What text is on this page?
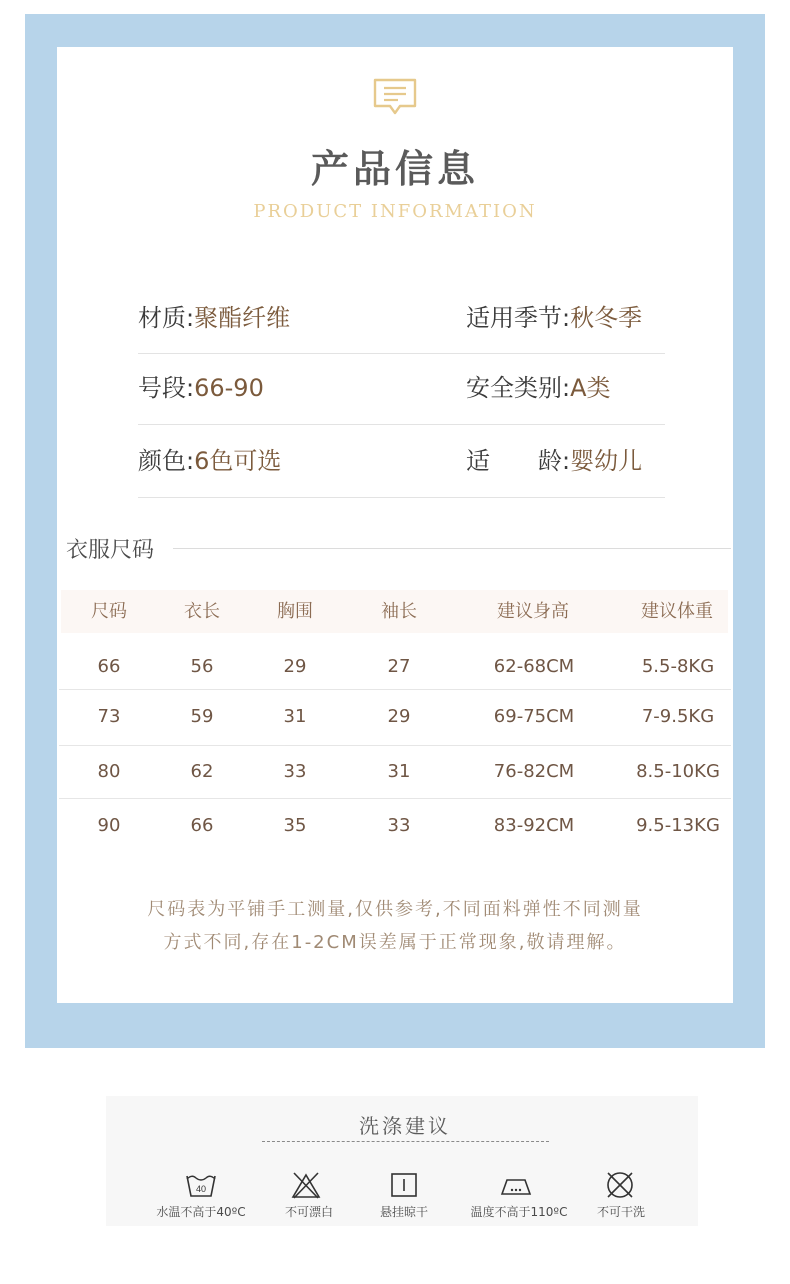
产品信息
PRODUCT INFORMATION
材质:聚酯纤维	适用季节:秋冬季
号段:66-90	安全类别:A类
颜色:6色可选	适　　龄:婴幼儿
衣服尺码
尺码	衣长	胸围	袖长	建议身高	建议体重
66	56	29	27	62-68CM	5.5-8KG
73	59	31	29	69-75CM	7-9.5KG
80	62	33	31	76-82CM	8.5-10KG
90	66	35	33	83-92CM	9.5-13KG
尺码表为平铺手工测量,仅供参考,不同面料弹性不同测量
方式不同,存在1-2CM误差属于正常现象,敬请理解。
洗涤建议
40
水温不高于40ºC	不可漂白	悬挂晾干	温度不高于110ºC 不可干洗
